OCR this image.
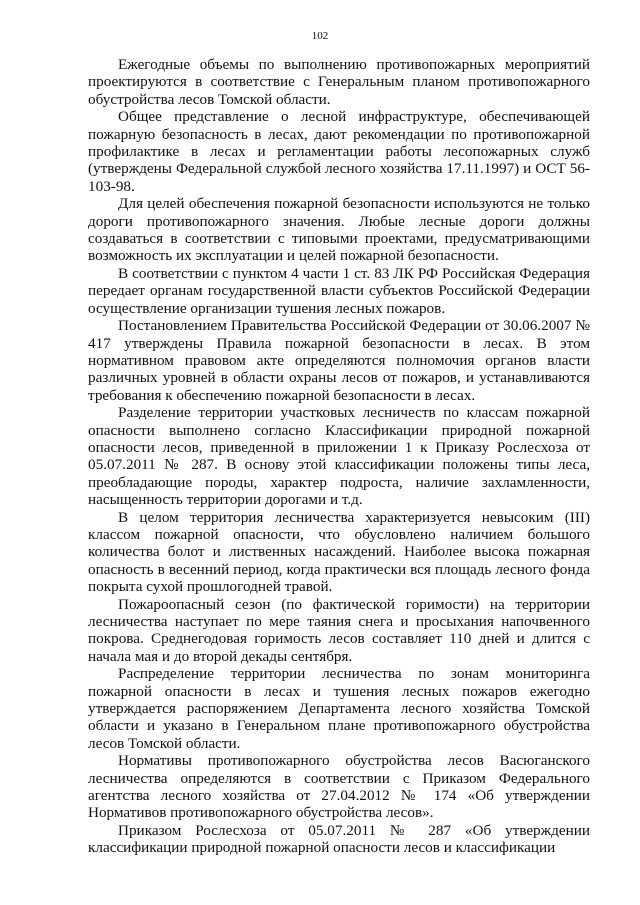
102

Ежегодные объемы по выполнению противопожарных мероприятий проектируются в соответствие с Генеральным планом противопожарного обустройства лесов Томской области.

Общее представление о лесной инфраструктуре, обеспечивающей пожарную безопасность в лесах, дают рекомендации по противопожарной профилактике в лесах и регламентации работы лесопожарных служб (утверждены Федеральной службой лесного хозяйства 17.11.1997) и ОСТ 56-103-98.

Для целей обеспечения пожарной безопасности используются не только дороги противопожарного значения. Любые лесные дороги должны создаваться в соответствии с типовыми проектами, предусматривающими возможность их эксплуатации и целей пожарной безопасности.

В соответствии с пунктом 4 части 1 ст. 83 ЛК РФ Российская Федерация передает органам государственной власти субъектов Российской Федерации осуществление организации тушения лесных пожаров.

Постановлением Правительства Российской Федерации от 30.06.2007 № 417 утверждены Правила пожарной безопасности в лесах. В этом нормативном правовом акте определяются полномочия органов власти различных уровней в области охраны лесов от пожаров, и устанавливаются требования к обеспечению пожарной безопасности в лесах.

Разделение территории участковых лесничеств по классам пожарной опасности выполнено согласно Классификации природной пожарной опасности лесов, приведенной в приложении 1 к Приказу Рослесхоза от 05.07.2011 № 287. В основу этой классификации положены типы леса, преобладающие породы, характер подроста, наличие захламленности, насыщенность территории дорогами и т.д.

В целом территория лесничества характеризуется невысоким (III) классом пожарной опасности, что обусловлено наличием большого количества болот и лиственных насаждений. Наиболее высока пожарная опасность в весенний период, когда практически вся площадь лесного фонда покрыта сухой прошлогодней травой.

Пожароопасный сезон (по фактической горимости) на территории лесничества наступает по мере таяния снега и просыхания напочвенного покрова. Среднегодовая горимость лесов составляет 110 дней и длится с начала мая и до второй декады сентября.

Распределение территории лесничества по зонам мониторинга пожарной опасности в лесах и тушения лесных пожаров ежегодно утверждается распоряжением Департамента лесного хозяйства Томской области и указано в Генеральном плане противопожарного обустройства лесов Томской области.

Нормативы противопожарного обустройства лесов Васюганского лесничества определяются в соответствии с Приказом Федерального агентства лесного хозяйства от 27.04.2012 № 174 «Об утверждении Нормативов противопожарного обустройства лесов».

Приказом Рослесхоза от 05.07.2011 № 287 «Об утверждении классификации природной пожарной опасности лесов и классификации
